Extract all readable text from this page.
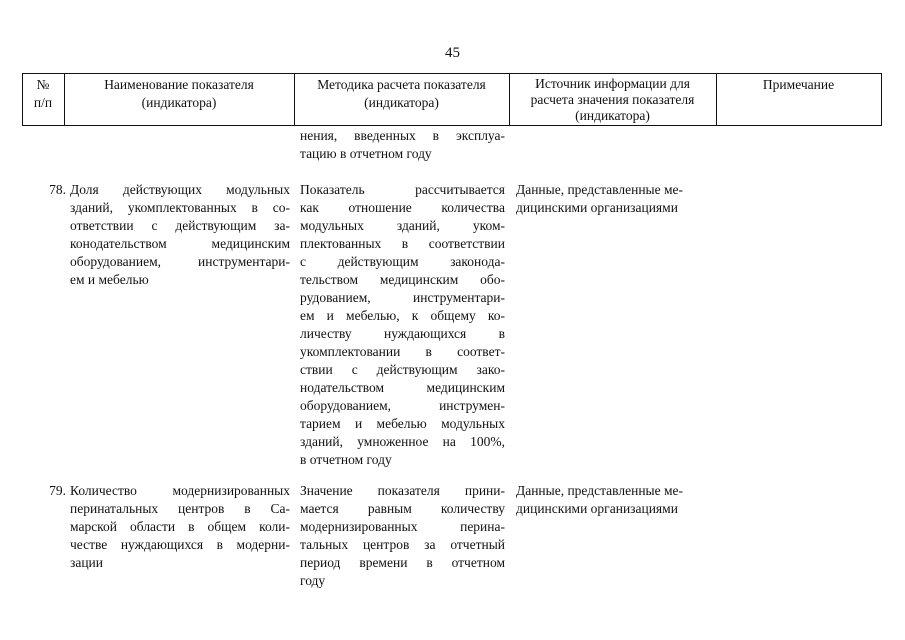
45
№
п/п
Наименование показателя
(индикатора)
Методика расчета показателя
(индикатора)
Источник информации для
расчета значения показателя
(индикатора)
Примечание
нения, введенных в эксплуа-
тацию в отчетном году
78. Доля действующих модульных
зданий, укомплектованных в со-
ответствии с действующим за-
конодательством медицинским
оборудованием, инструментари-
ем и мебелью
Показатель рассчитывается
как отношение количества
модульных зданий, уком-
плектованных в соответствии
с действующим законода-
тельством медицинским обо-
рудованием, инструментари-
ем и мебелью, к общему ко-
личеству нуждающихся в
укомплектовании в соответ-
ствии с действующим зако-
нодательством медицинским
оборудованием, инструмен-
тарием и мебелью модульных
зданий, умноженное на 100%,
в отчетном году
Данные, представленные ме-
дицинскими организациями
79. Количество модернизированных
перинатальных центров в Са-
марской области в общем коли-
честве нуждающихся в модерни-
зации
Значение показателя прини-
мается равным количеству
модернизированных перина-
тальных центров за отчетный
период времени в отчетном
году
Данные, представленные ме-
дицинскими организациями
